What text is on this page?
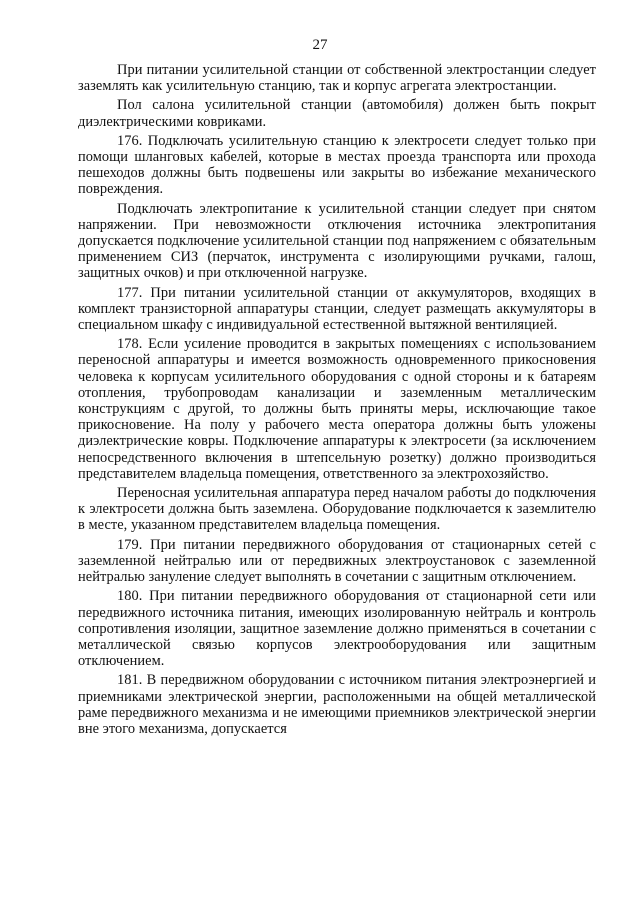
27

При питании усилительной станции от собственной электростанции следует заземлять как усилительную станцию, так и корпус агрегата электростанции.

Пол салона усилительной станции (автомобиля) должен быть покрыт диэлектрическими ковриками.

176. Подключать усилительную станцию к электросети следует только при помощи шланговых кабелей, которые в местах проезда транспорта или прохода пешеходов должны быть подвешены или закрыты во избежание механического повреждения.

Подключать электропитание к усилительной станции следует при снятом напряжении. При невозможности отключения источника электропитания допускается подключение усилительной станции под напряжением с обязательным применением СИЗ (перчаток, инструмента с изолирующими ручками, галош, защитных очков) и при отключенной нагрузке.

177. При питании усилительной станции от аккумуляторов, входящих в комплект транзисторной аппаратуры станции, следует размещать аккумуляторы в специальном шкафу с индивидуальной естественной вытяжной вентиляцией.

178. Если усиление проводится в закрытых помещениях с использованием переносной аппаратуры и имеется возможность одновременного прикосновения человека к корпусам усилительного оборудования с одной стороны и к батареям отопления, трубопроводам канализации и заземленным металлическим конструкциям с другой, то должны быть приняты меры, исключающие такое прикосновение. На полу у рабочего места оператора должны быть уложены диэлектрические ковры. Подключение аппаратуры к электросети (за исключением непосредственного включения в штепсельную розетку) должно производиться представителем владельца помещения, ответственного за электрохозяйство.

Переносная усилительная аппаратура перед началом работы до подключения к электросети должна быть заземлена. Оборудование подключается к заземлителю в месте, указанном представителем владельца помещения.

179. При питании передвижного оборудования от стационарных сетей с заземленной нейтралью или от передвижных электроустановок с заземленной нейтралью зануление следует выполнять в сочетании с защитным отключением.

180. При питании передвижного оборудования от стационарной сети или передвижного источника питания, имеющих изолированную нейтраль и контроль сопротивления изоляции, защитное заземление должно применяться в сочетании с металлической связью корпусов электрооборудования или защитным отключением.

181. В передвижном оборудовании с источником питания электроэнергией и приемниками электрической энергии, расположенными на общей металлической раме передвижного механизма и не имеющими приемников электрической энергии вне этого механизма, допускается
